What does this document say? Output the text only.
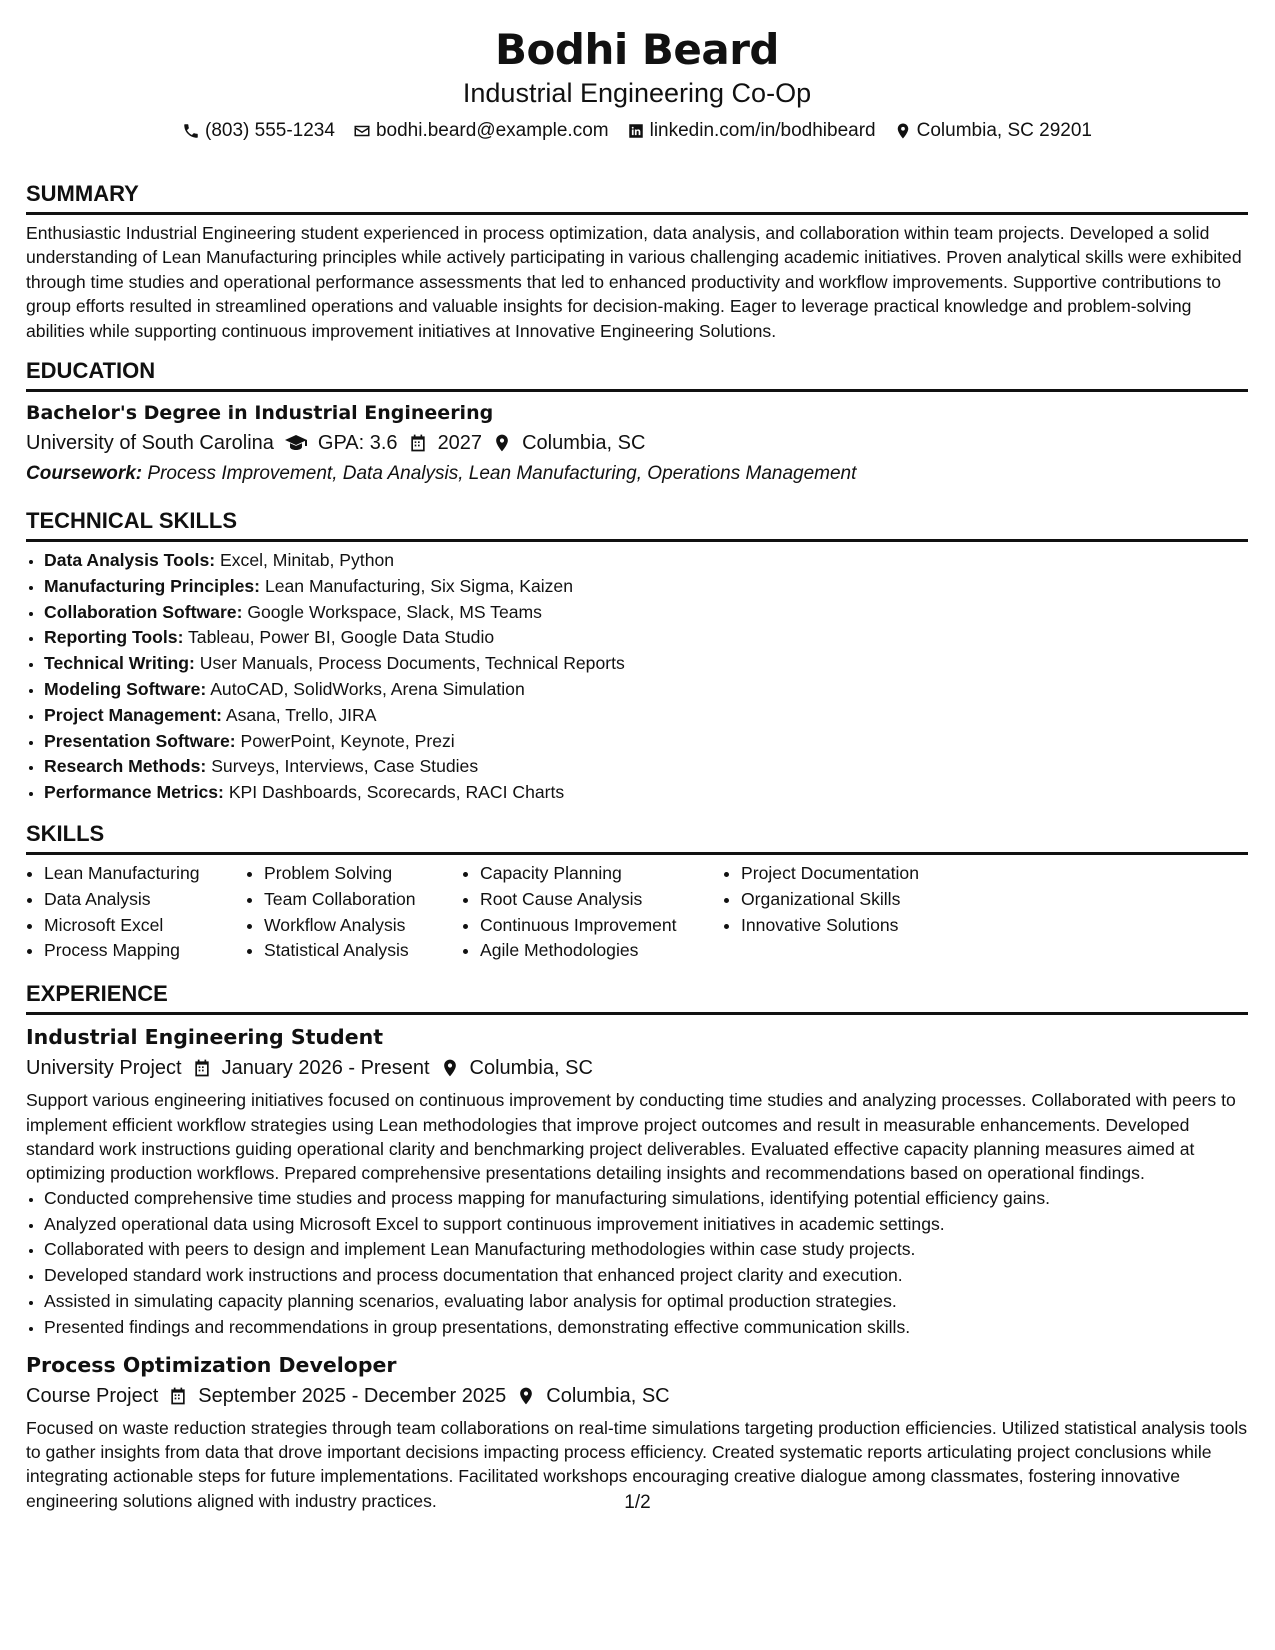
Bodhi Beard

Industrial Engineering Co-Op

(803) 555-1234 bodhi.beard@example.com linkedin.com/in/bodhibeard Columbia, SC 29201
SUMMARY

Enthusiastic Industrial Engineering student experienced in process optimization, data analysis, and collaboration within team projects. Developed a solid understanding of Lean Manufacturing principles while actively participating in various challenging academic initiatives. Proven analytical skills were exhibited through time studies and operational performance assessments that led to enhanced productivity and workflow improvements. Supportive contributions to group efforts resulted in streamlined operations and valuable insights for decision-making. Eager to leverage practical knowledge and problem-solving abilities while supporting continuous improvement initiatives at Innovative Engineering Solutions.

EDUCATION
Bachelor's Degree in Industrial Engineering
University of South Carolina GPA: 3.6 2027 Columbia, SC
Coursework: Process Improvement, Data Analysis, Lean Manufacturing, Operations Management
TECHNICAL SKILLS
• Data Analysis Tools: Excel, Minitab, Python
• Manufacturing Principles: Lean Manufacturing, Six Sigma, Kaizen
• Collaboration Software: Google Workspace, Slack, MS Teams
• Reporting Tools: Tableau, Power BI, Google Data Studio
• Technical Writing: User Manuals, Process Documents, Technical Reports
• Modeling Software: AutoCAD, SolidWorks, Arena Simulation
• Project Management: Asana, Trello, JIRA
• Presentation Software: PowerPoint, Keynote, Prezi
• Research Methods: Surveys, Interviews, Case Studies
• Performance Metrics: KPI Dashboards, Scorecards, RACI Charts
SKILLS
• Lean Manufacturing
• Data Analysis
• Microsoft Excel
• Process Mapping
• Problem Solving
• Team Collaboration
• Workflow Analysis
• Statistical Analysis
• Capacity Planning
• Root Cause Analysis
• Continuous Improvement
• Agile Methodologies
• Project Documentation
• Organizational Skills
• Innovative Solutions
EXPERIENCE
Industrial Engineering Student
University Project January 2026 - Present Columbia, SC

Support various engineering initiatives focused on continuous improvement by conducting time studies and analyzing processes. Collaborated with peers to implement efficient workflow strategies using Lean methodologies that improve project outcomes and result in measurable enhancements. Developed standard work instructions guiding operational clarity and benchmarking project deliverables. Evaluated effective capacity planning measures aimed at optimizing production workflows. Prepared comprehensive presentations detailing insights and recommendations based on operational findings.

• Conducted comprehensive time studies and process mapping for manufacturing simulations, identifying potential efficiency gains.
• Analyzed operational data using Microsoft Excel to support continuous improvement initiatives in academic settings.
• Collaborated with peers to design and implement Lean Manufacturing methodologies within case study projects.
• Developed standard work instructions and process documentation that enhanced project clarity and execution.
• Assisted in simulating capacity planning scenarios, evaluating labor analysis for optimal production strategies.
• Presented findings and recommendations in group presentations, demonstrating effective communication skills.
Process Optimization Developer
Course Project September 2025 - December 2025 Columbia, SC

Focused on waste reduction strategies through team collaborations on real-time simulations targeting production efficiencies. Utilized statistical analysis tools to gather insights from data that drove important decisions impacting process efficiency. Created systematic reports articulating project conclusions while integrating actionable steps for future implementations. Facilitated workshops encouraging creative dialogue among classmates, fostering innovative engineering solutions aligned with industry practices.	1/2
